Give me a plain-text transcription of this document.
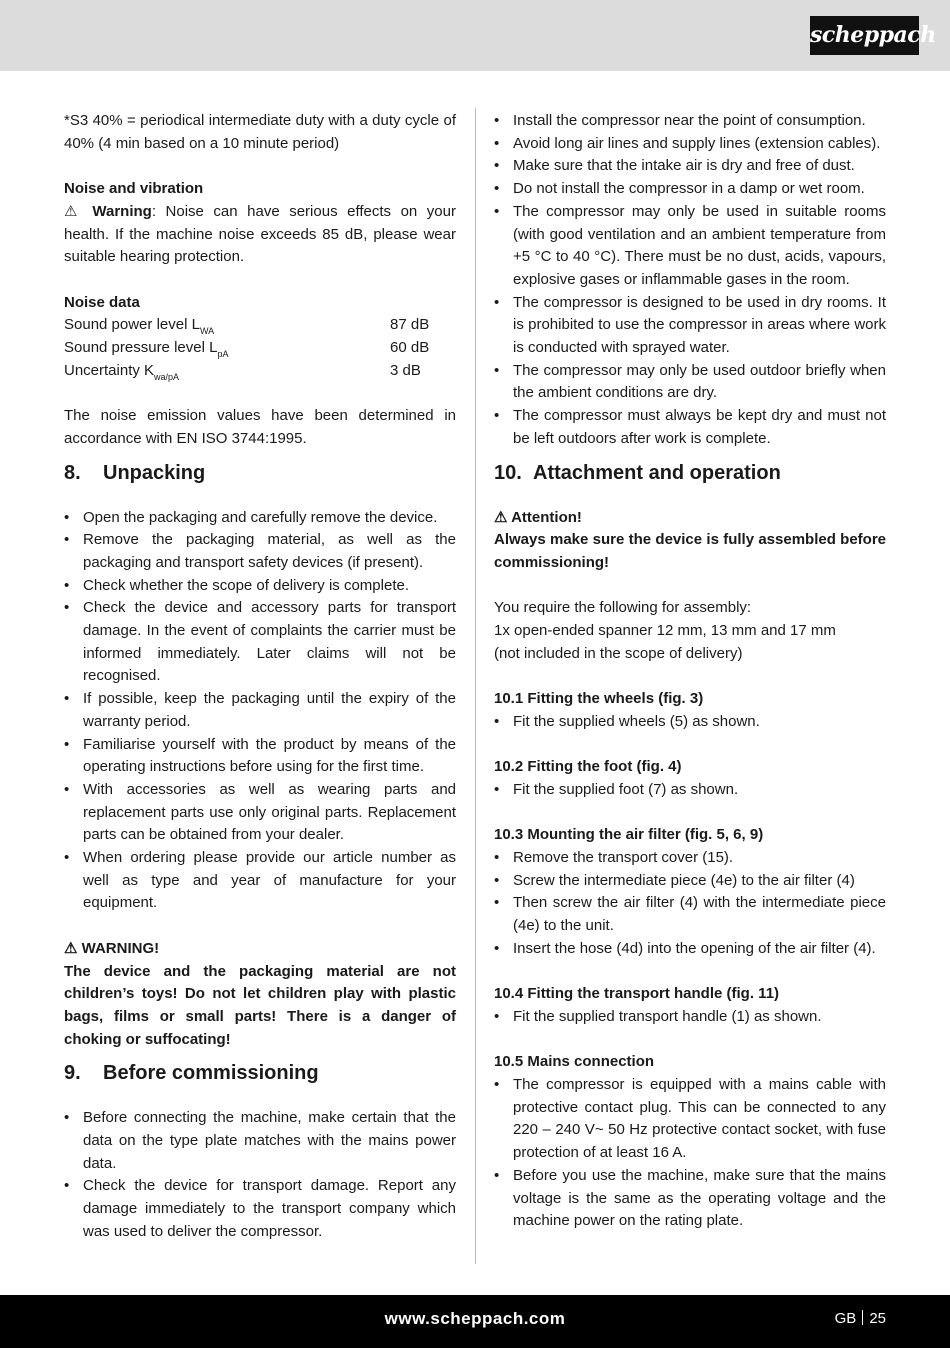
scheppach

*S3 40% = periodical intermediate duty with a duty cycle of 40% (4 min based on a 10 minute period)

Noise and vibration

⚠ Warning: Noise can have serious effects on your health. If the machine noise exceeds 85 dB, please wear suitable hearing protection.

Noise data

Sound power level $L_{WA}$	87 dB
Sound pressure level $L_{pA}$	60 dB
Uncertainty $K_{wa/pA}$	3 dB

The noise emission values have been determined in accordance with EN ISO 3744:1995.

8. Unpacking
• Open the packaging and carefully remove the device.
• Remove the packaging material, as well as the packaging and transport safety devices (if present).
• Check whether the scope of delivery is complete.
• Check the device and accessory parts for transport damage. In the event of complaints the carrier must be informed immediately. Later claims will not be recognised.
• If possible, keep the packaging until the expiry of the warranty period.
• Familiarise yourself with the product by means of the operating instructions before using for the first time.
• With accessories as well as wearing parts and replacement parts use only original parts. Replacement parts can be obtained from your dealer.
• When ordering please provide our article number as well as type and year of manufacture for your equipment.

⚠ WARNING!

The device and the packaging material are not children’s toys! Do not let children play with plastic bags, films or small parts! There is a danger of choking or suffocating!

9. Before commissioning
• Before connecting the machine, make certain that the data on the type plate matches with the mains power data.
• Check the device for transport damage. Report any damage immediately to the transport company which was used to deliver the compressor.
• Install the compressor near the point of consumption.
• Avoid long air lines and supply lines (extension cables).
• Make sure that the intake air is dry and free of dust.
• Do not install the compressor in a damp or wet room.
• The compressor may only be used in suitable rooms (with good ventilation and an ambient temperature from +5 °C to 40 °C). There must be no dust, acids, vapours, explosive gases or inflammable gases in the room.
• The compressor is designed to be used in dry rooms. It is prohibited to use the compressor in areas where work is conducted with sprayed water.
• The compressor may only be used outdoor briefly when the ambient conditions are dry.
• The compressor must always be kept dry and must not be left outdoors after work is complete.
10. Attachment and operation

⚠ Attention!

Always make sure the device is fully assembled before commissioning!

You require the following for assembly:

1x open-ended spanner 12 mm, 13 mm and 17 mm

(not included in the scope of delivery)

10.1 Fitting the wheels (fig. 3)

• Fit the supplied wheels (5) as shown.

10.2 Fitting the foot (fig. 4)

• Fit the supplied foot (7) as shown.

10.3 Mounting the air filter (fig. 5, 6, 9)

• Remove the transport cover (15).
• Screw the intermediate piece (4e) to the air filter (4)
• Then screw the air filter (4) with the intermediate piece (4e) to the unit.
• Insert the hose (4d) into the opening of the air filter (4).

10.4 Fitting the transport handle (fig. 11)

• Fit the supplied transport handle (1) as shown.

10.5 Mains connection

• The compressor is equipped with a mains cable with protective contact plug. This can be connected to any 220 – 240 V~ 50 Hz protective contact socket, with fuse protection of at least 16 A.
• Before you use the machine, make sure that the mains voltage is the same as the operating voltage and the machine power on the rating plate.
www.scheppach.com	GB 25
